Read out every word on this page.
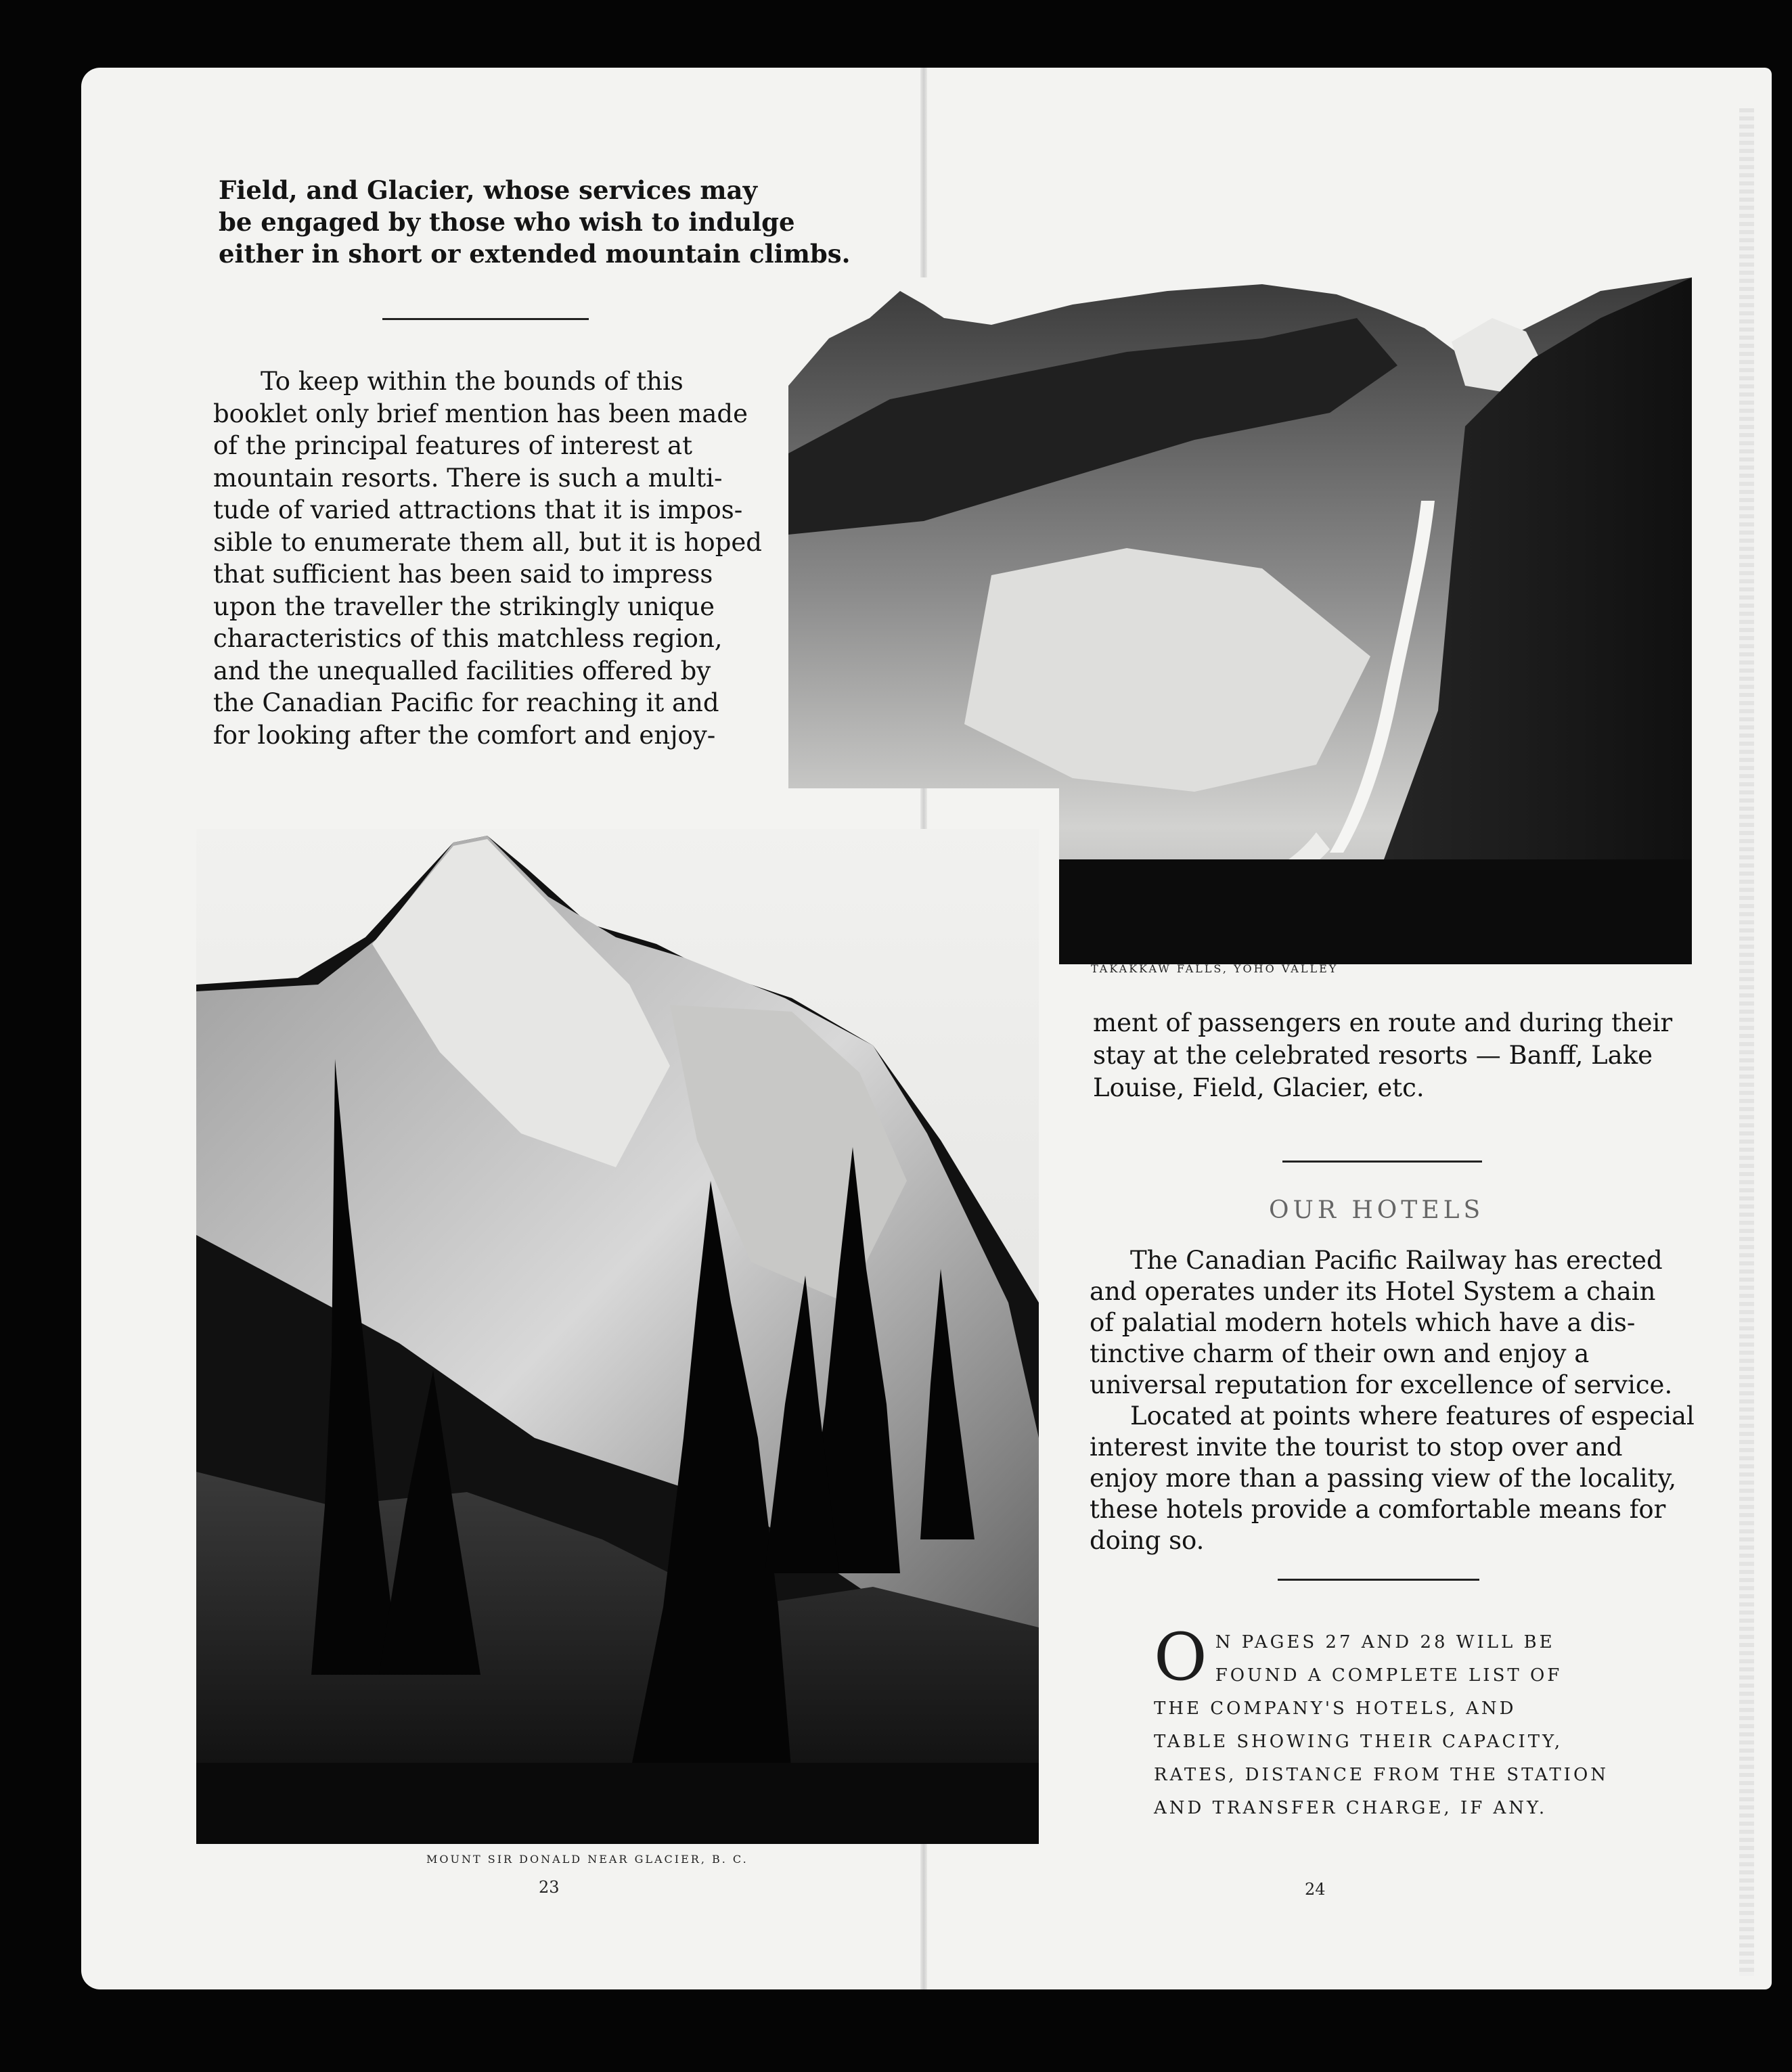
Field, and Glacier, whose services may
be engaged by those who wish to indulge
either in short or extended mountain climbs.
To keep within the bounds of this
booklet only brief mention has been made
of the principal features of interest at
mountain resorts. There is such a multi-
tude of varied attractions that it is impos-
sible to enumerate them all, but it is hoped
that sufficient has been said to impress
upon the traveller the strikingly unique
characteristics of this matchless region,
and the unequalled facilities offered by
the Canadian Pacific for reaching it and
for looking after the comfort and enjoy-
MOUNT SIR DONALD NEAR GLACIER, B. C.
23
TAKAKKAW FALLS, YOHO VALLEY
ment of passengers en route and during their
stay at the celebrated resorts — Banff, Lake
Louise, Field, Glacier, etc.
OUR HOTELS
The Canadian Pacific Railway has erected
and operates under its Hotel System a chain
of palatial modern hotels which have a dis-
tinctive charm of their own and enjoy a
universal reputation for excellence of service.
Located at points where features of especial
interest invite the tourist to stop over and
enjoy more than a passing view of the locality,
these hotels provide a comfortable means for
doing so.
O N PAGES 27 AND 28 WILL BE
FOUND A COMPLETE LIST OF
THE COMPANY'S HOTELS, AND
TABLE SHOWING THEIR CAPACITY,
RATES, DISTANCE FROM THE STATION
AND TRANSFER CHARGE, IF ANY.
24
